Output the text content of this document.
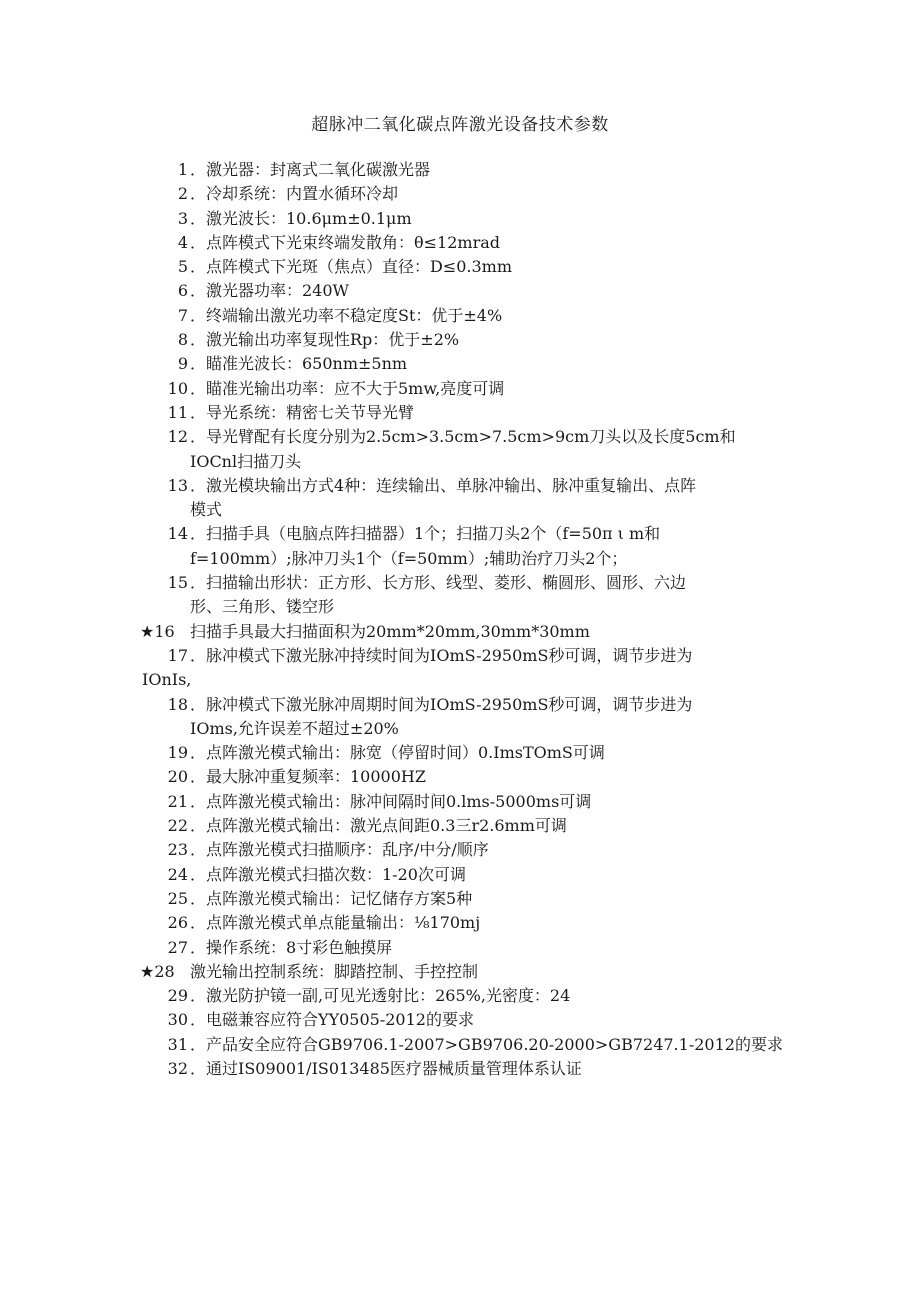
超脉冲二氧化碳点阵激光设备技术参数
1 ．激光器：封离式二氧化碳激光器
2 ．冷却系统：内置水循环冷却
3 ．激光波长：10.6μm±0.1μm
4 ．点阵模式下光束终端发散角：θ≤12mrad
5 ．点阵模式下光斑（焦点）直径：D≤0.3mm
6 ．激光器功率：240W
7 ．终端输出激光功率不稳定度St：优于±4%
8 ．激光输出功率复现性Rp：优于±2%
9 ．瞄准光波长：650nm±5nm
10 ．瞄准光输出功率：应不大于5mw,亮度可调
11 ．导光系统：精密七关节导光臂
12 ．导光臂配有长度分别为2.5cm>3.5cm>7.5cm>9cm刀头以及长度5cm和
IOCnl扫描刀头
13 ．激光模块输出方式4种：连续输出、单脉冲输出、脉冲重复输出、点阵
模式
14 ．扫描手具（电脑点阵扫描器）1个；扫描刀头2个（f=50π ι m和
f=100mm）;脉冲刀头1个（f=50mm）;辅助治疗刀头2个；
15 ．扫描输出形状：正方形、长方形、线型、菱形、椭圆形、圆形、六边
形、三角形、镂空形
★16 扫描手具最大扫描面积为20mm*20mm,30mm*30mm
17 ．脉冲模式下激光脉冲持续时间为IOmS-2950mS秒可调，调节步进为
IOnIs,
18 ．脉冲模式下激光脉冲周期时间为IOmS-2950mS秒可调，调节步进为
IOms,允许误差不超过±20%
19 ．点阵激光模式输出：脉宽（停留时间）0.ImsTOmS可调
20 ．最大脉冲重复频率：10000HZ
21 ．点阵激光模式输出：脉冲间隔时间0.lms-5000ms可调
22 ．点阵激光模式输出：激光点间距0.3三r2.6mm可调
23 ．点阵激光模式扫描顺序：乱序/中分/顺序
24 ．点阵激光模式扫描次数：1-20次可调
25 ．点阵激光模式输出：记忆储存方案5种
26 ．点阵激光模式单点能量输出：⅛170mj
27 ．操作系统：8寸彩色触摸屏
★28 激光输出控制系统：脚踏控制、手控控制
29 ．激光防护镜一副,可见光透射比：265%,光密度：24
30 ．电磁兼容应符合YY0505-2012的要求
31 ．产品安全应符合GB9706.1-2007>GB9706.20-2000>GB7247.1-2012的要求
32 ．通过IS09001/IS013485医疗器械质量管理体系认证
